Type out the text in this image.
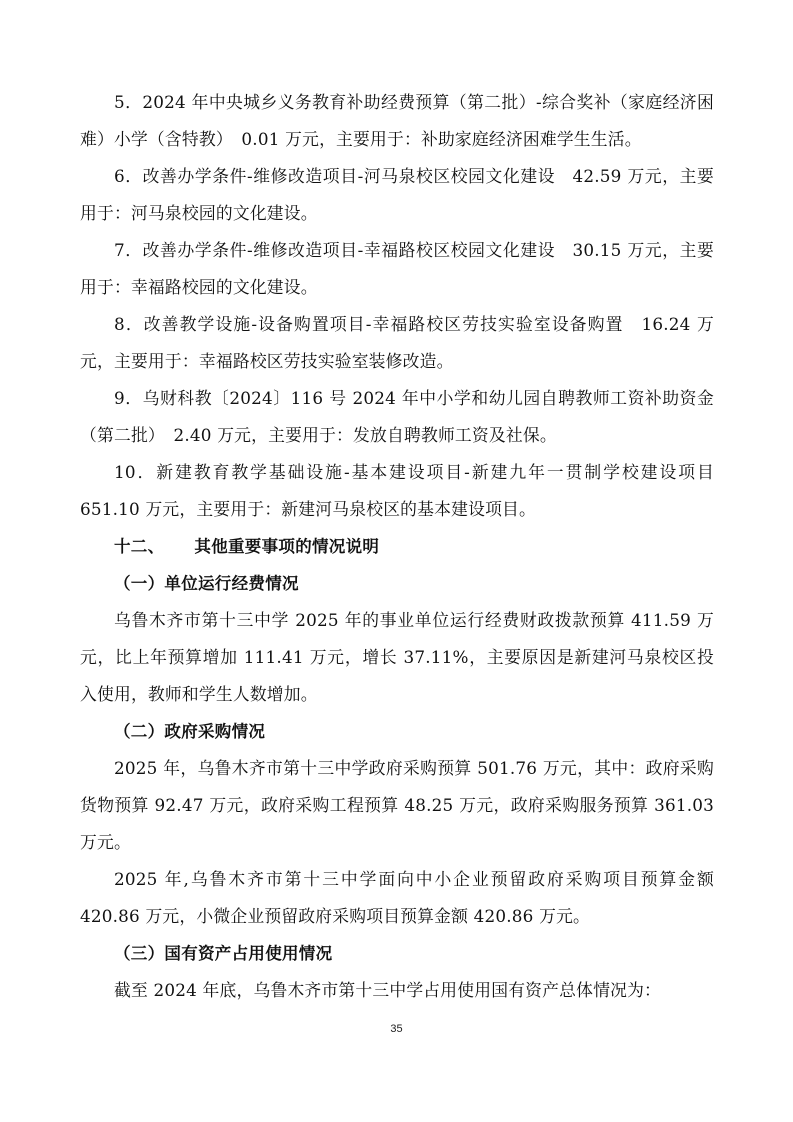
5．2024 年中央城乡义务教育补助经费预算（第二批）-综合奖补（家庭经济困难）小学（含特教）　0.01 万元，主要用于：补助家庭经济困难学生生活。

6．改善办学条件-维修改造项目-河马泉校区校园文化建设　42.59 万元，主要用于：河马泉校园的文化建设。

7．改善办学条件-维修改造项目-幸福路校区校园文化建设　30.15 万元，主要用于：幸福路校园的文化建设。

8．改善教学设施-设备购置项目-幸福路校区劳技实验室设备购置　16.24 万元，主要用于：幸福路校区劳技实验室装修改造。

9．乌财科教〔2024〕116 号 2024 年中小学和幼儿园自聘教师工资补助资金（第二批）　2.40 万元，主要用于：发放自聘教师工资及社保。

10．新建教育教学基础设施-基本建设项目-新建九年一贯制学校建设项目 651.10 万元，主要用于：新建河马泉校区的基本建设项目。

十二、 其他重要事项的情况说明

（一）单位运行经费情况

乌鲁木齐市第十三中学 2025 年的事业单位运行经费财政拨款预算 411.59 万元，比上年预算增加 111.41 万元，增长 37.11%，主要原因是新建河马泉校区投入使用，教师和学生人数增加。

（二）政府采购情况

2025 年，乌鲁木齐市第十三中学政府采购预算 501.76 万元，其中：政府采购货物预算 92.47 万元，政府采购工程预算 48.25 万元，政府采购服务预算 361.03 万元。

2025 年,乌鲁木齐市第十三中学面向中小企业预留政府采购项目预算金额 420.86 万元，小微企业预留政府采购项目预算金额 420.86 万元。

（三）国有资产占用使用情况

截至 2024 年底，乌鲁木齐市第十三中学占用使用国有资产总体情况为：

35
